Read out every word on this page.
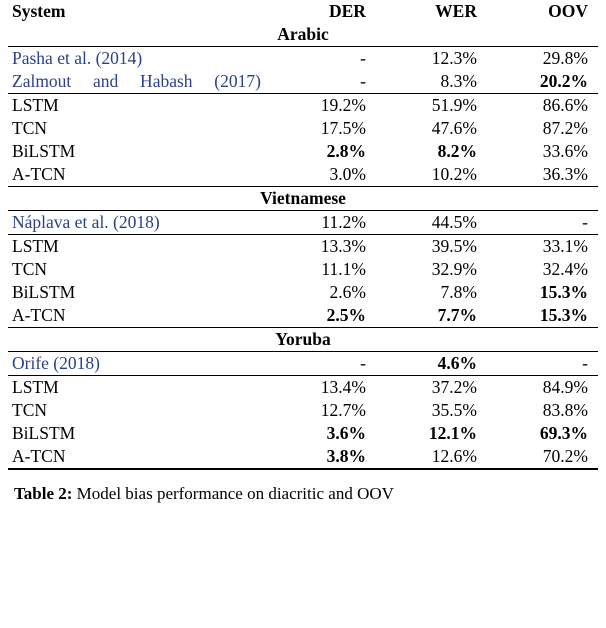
System	DER	WER	OOV
Arabic			
Pasha et al. (2014)	-	12.3%	29.8%

Zalmout and Habash (2017)	-	8.3%	20.2%
LSTM	19.2%	51.9%	86.6%
TCN	17.5%	47.6%	87.2%
BiLSTM	2.8%	8.2%	33.6%
A-TCN	3.0%	10.2%	36.3%
Vietnamese			
Náplava et al. (2018)	11.2%	44.5%	-
LSTM	13.3%	39.5%	33.1%
TCN	11.1%	32.9%	32.4%
BiLSTM	2.6%	7.8%	15.3%
A-TCN	2.5%	7.7%	15.3%
Yoruba			
Orife (2018)	-	4.6%	-
LSTM	13.4%	37.2%	84.9%
TCN	12.7%	35.5%	83.8%
BiLSTM	3.6%	12.1%	69.3%
A-TCN	3.8%	12.6%	70.2%
Table 2: Model bias performance on diacritic and OOV
